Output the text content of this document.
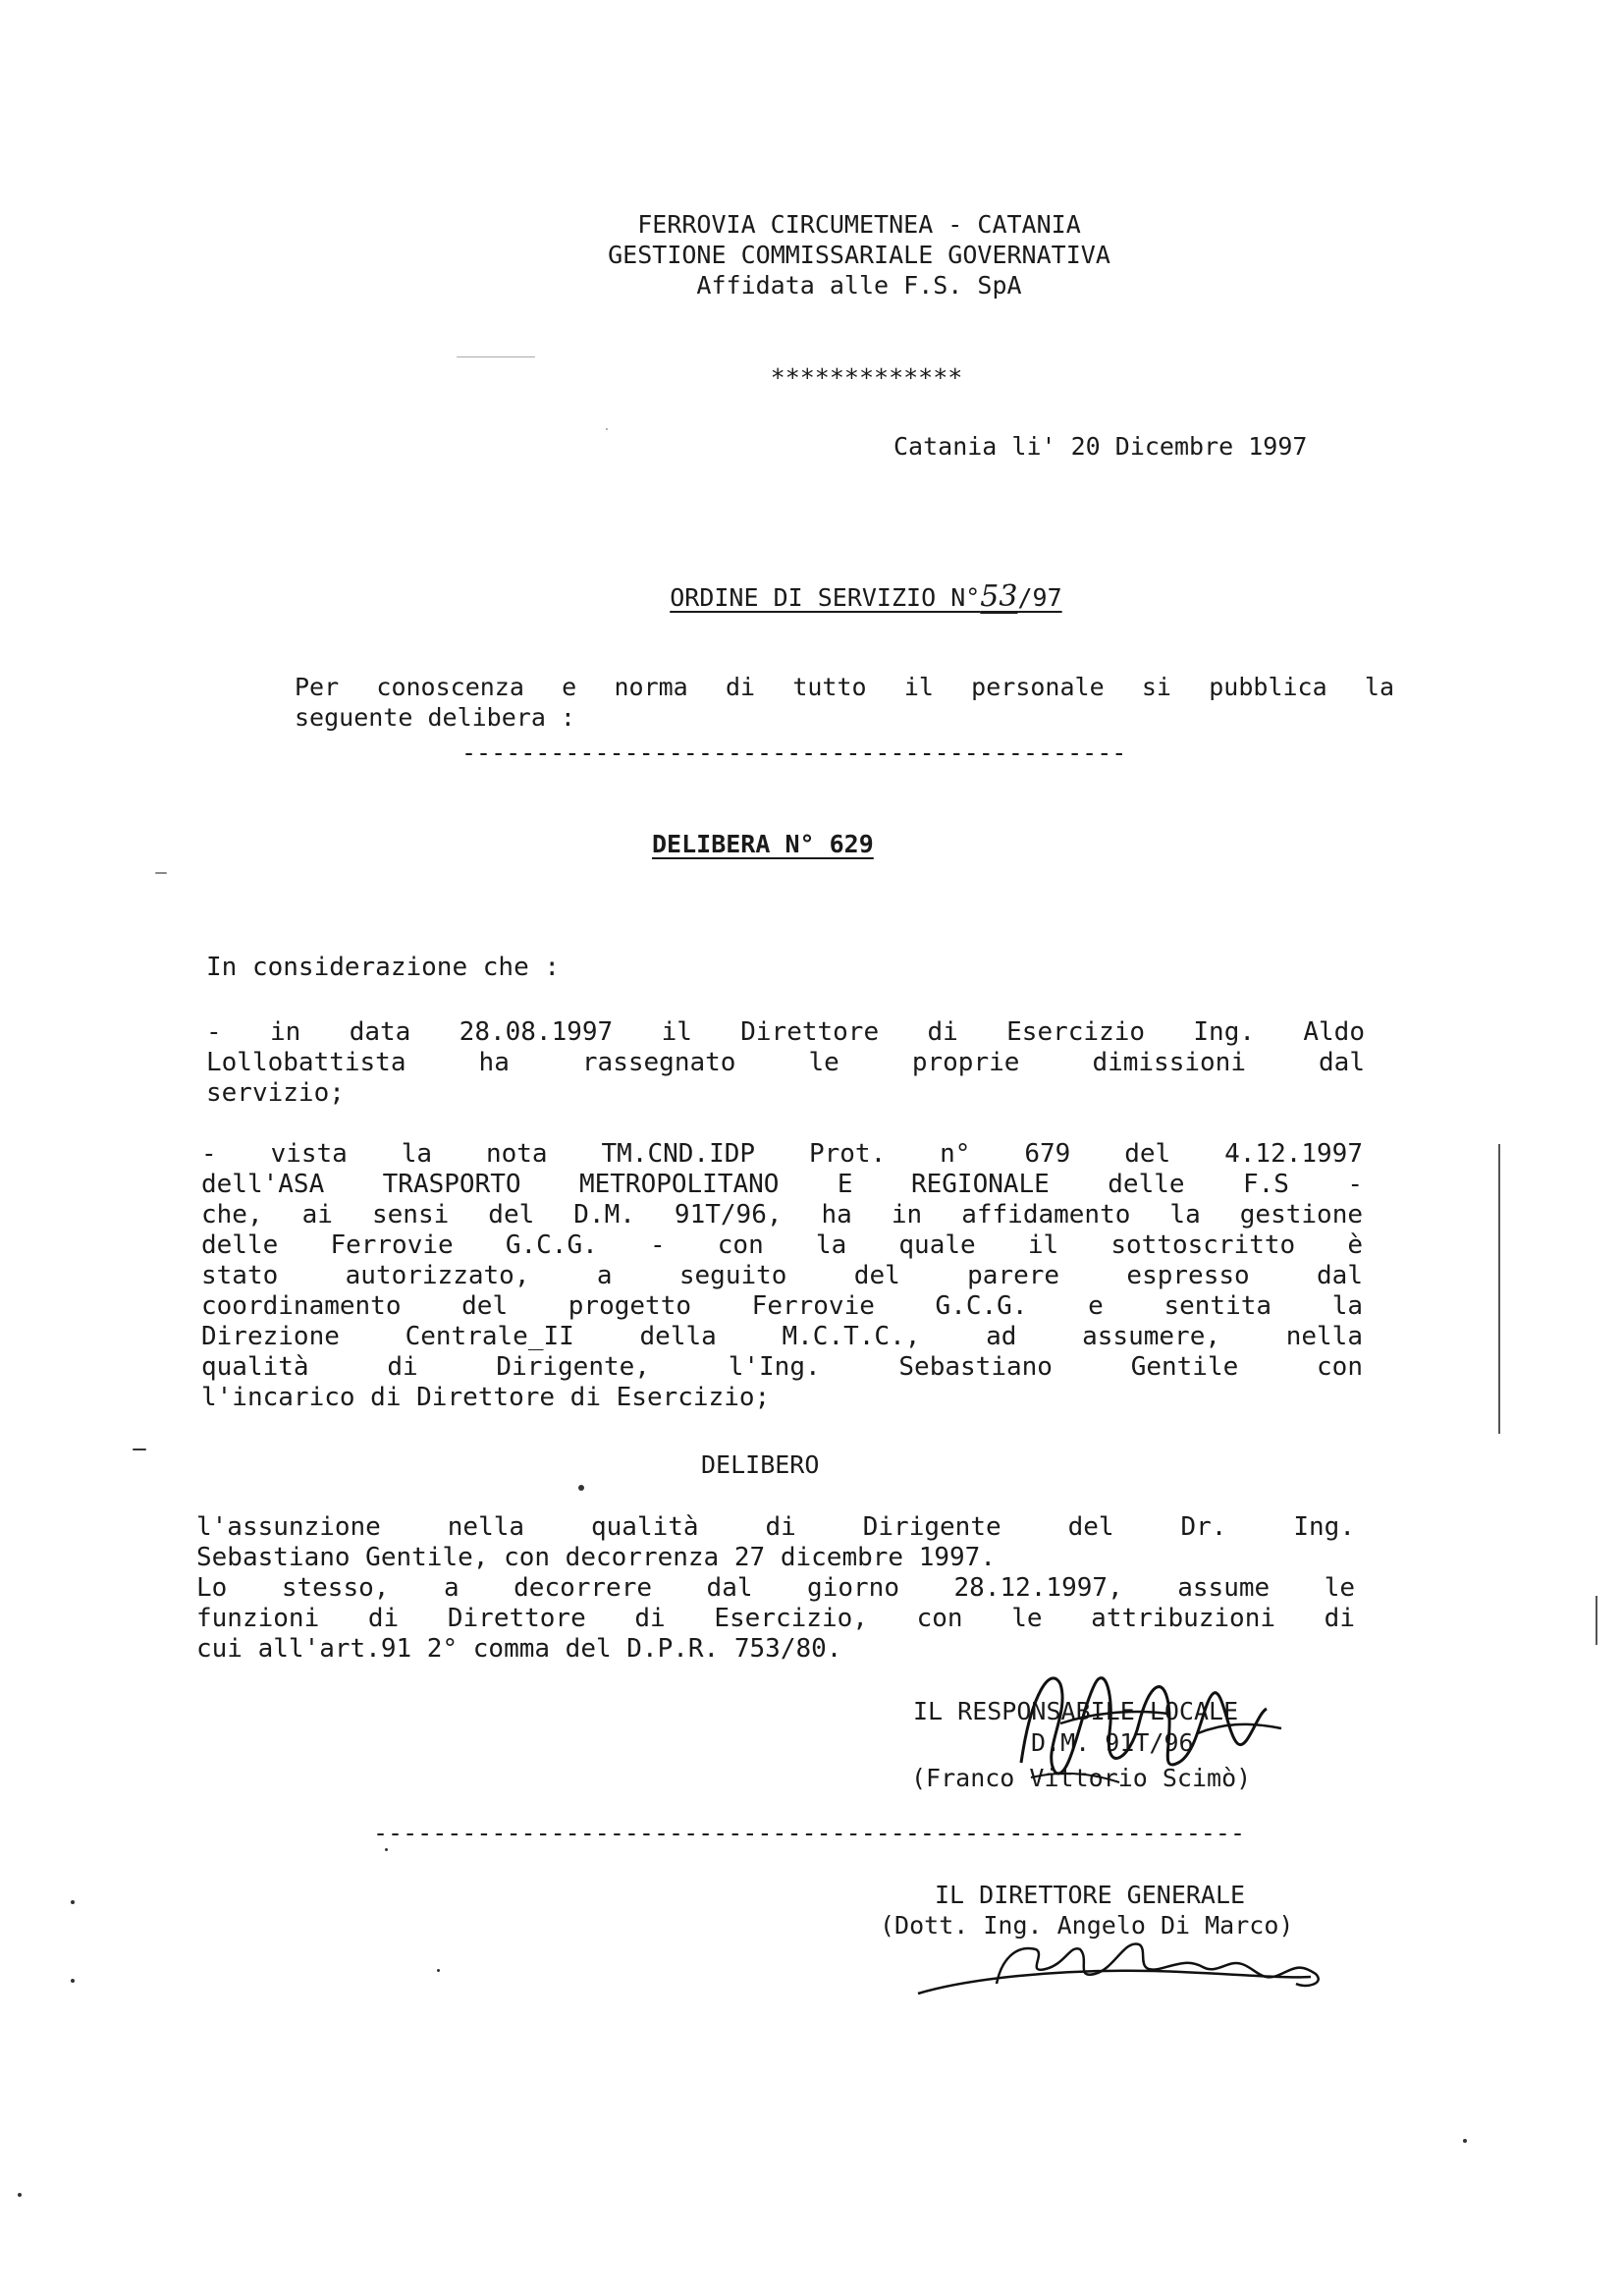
FERROVIA CIRCUMETNEA - CATANIA
GESTIONE COMMISSARIALE GOVERNATIVA
Affidata alle F.S. SpA
*************
Catania li' 20 Dicembre 1997

ORDINE DI SERVIZIO N°53/97

Per conoscenza e norma di tutto il personale si pubblica la
seguente delibera :
---------------------------------------------
DELIBERA N° 629
In considerazione che :
- in data 28.08.1997 il Direttore di Esercizio Ing. Aldo
Lollobattista ha rassegnato le proprie dimissioni dal
servizio;
- vista la nota TM.CND.IDP Prot. n° 679 del 4.12.1997
dell'ASA TRASPORTO METROPOLITANO E REGIONALE delle F.S -
che, ai sensi del D.M. 91T/96, ha in affidamento la gestione
delle Ferrovie G.C.G. - con la quale il sottoscritto è
stato autorizzato, a seguito del parere espresso dal
coordinamento del progetto Ferrovie G.C.G. e sentita la
Direzione Centrale_II della M.C.T.C., ad assumere, nella
qualità di Dirigente, l'Ing. Sebastiano Gentile con
l'incarico di Direttore di Esercizio;
DELIBERO
l'assunzione nella qualità di Dirigente del Dr. Ing.
Sebastiano Gentile, con decorrenza 27 dicembre 1997.
Lo stesso, a decorrere dal giorno 28.12.1997, assume le
funzioni di Direttore di Esercizio, con le attribuzioni di
cui all'art.91 2° comma del D.P.R. 753/80.
IL RESPONSABILE LOCALE
D.M. 91T/96
(Franco Vittorio Scimò)
-----------------------------------------------------------
IL DIRETTORE GENERALE
(Dott. Ing. Angelo Di Marco)
